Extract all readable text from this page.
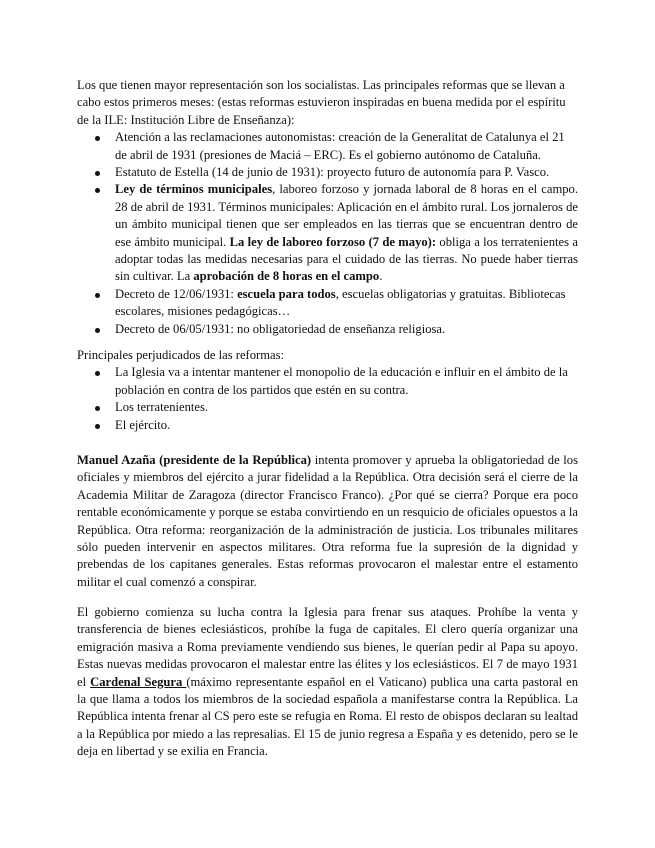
Los que tienen mayor representación son los socialistas. Las principales reformas que se llevan a cabo estos primeros meses: (estas reformas estuvieron inspiradas en buena medida por el espíritu de la ILE: Institución Libre de Enseñanza):

Atención a las reclamaciones autonomistas: creación de la Generalitat de Catalunya el 21 de abril de 1931 (presiones de Maciá – ERC). Es el gobierno autónomo de Cataluña.
Estatuto de Estella (14 de junio de 1931): proyecto futuro de autonomía para P. Vasco.
Ley de términos municipales, laboreo forzoso y jornada laboral de 8 horas en el campo. 28 de abril de 1931. Términos municipales: Aplicación en el ámbito rural. Los jornaleros de un ámbito municipal tienen que ser empleados en las tierras que se encuentran dentro de ese ámbito municipal. La ley de laboreo forzoso (7 de mayo): obliga a los terratenientes a adoptar todas las medidas necesarias para el cuidado de las tierras. No puede haber tierras sin cultivar. La aprobación de 8 horas en el campo.
Decreto de 12/06/1931: escuela para todos, escuelas obligatorias y gratuitas. Bibliotecas escolares, misiones pedagógicas…
Decreto de 06/05/1931: no obligatoriedad de enseñanza religiosa.

Principales perjudicados de las reformas:

La Iglesia va a intentar mantener el monopolio de la educación e influir en el ámbito de la población en contra de los partidos que estén en su contra.
Los terratenientes.
El ejército.

Manuel Azaña (presidente de la República) intenta promover y aprueba la obligatoriedad de los oficiales y miembros del ejército a jurar fidelidad a la República. Otra decisión será el cierre de la Academia Militar de Zaragoza (director Francisco Franco). ¿Por qué se cierra? Porque era poco rentable económicamente y porque se estaba convirtiendo en un resquicio de oficiales opuestos a la República. Otra reforma: reorganización de la administración de justicia. Los tribunales militares sólo pueden intervenir en aspectos militares. Otra reforma fue la supresión de la dignidad y prebendas de los capitanes generales. Estas reformas provocaron el malestar entre el estamento militar el cual comenzó a conspirar.

El gobierno comienza su lucha contra la Iglesia para frenar sus ataques. Prohíbe la venta y transferencia de bienes eclesiásticos, prohíbe la fuga de capitales. El clero quería organizar una emigración masiva a Roma previamente vendiendo sus bienes, le querían pedir al Papa su apoyo. Estas nuevas medidas provocaron el malestar entre las élites y los eclesiásticos. El 7 de mayo 1931 el Cardenal Segura (máximo representante español en el Vaticano) publica una carta pastoral en la que llama a todos los miembros de la sociedad española a manifestarse contra la República. La República intenta frenar al CS pero este se refugia en Roma. El resto de obispos declaran su lealtad a la República por miedo a las represalias. El 15 de junio regresa a España y es detenido, pero se le deja en libertad y se exilia en Francia.
